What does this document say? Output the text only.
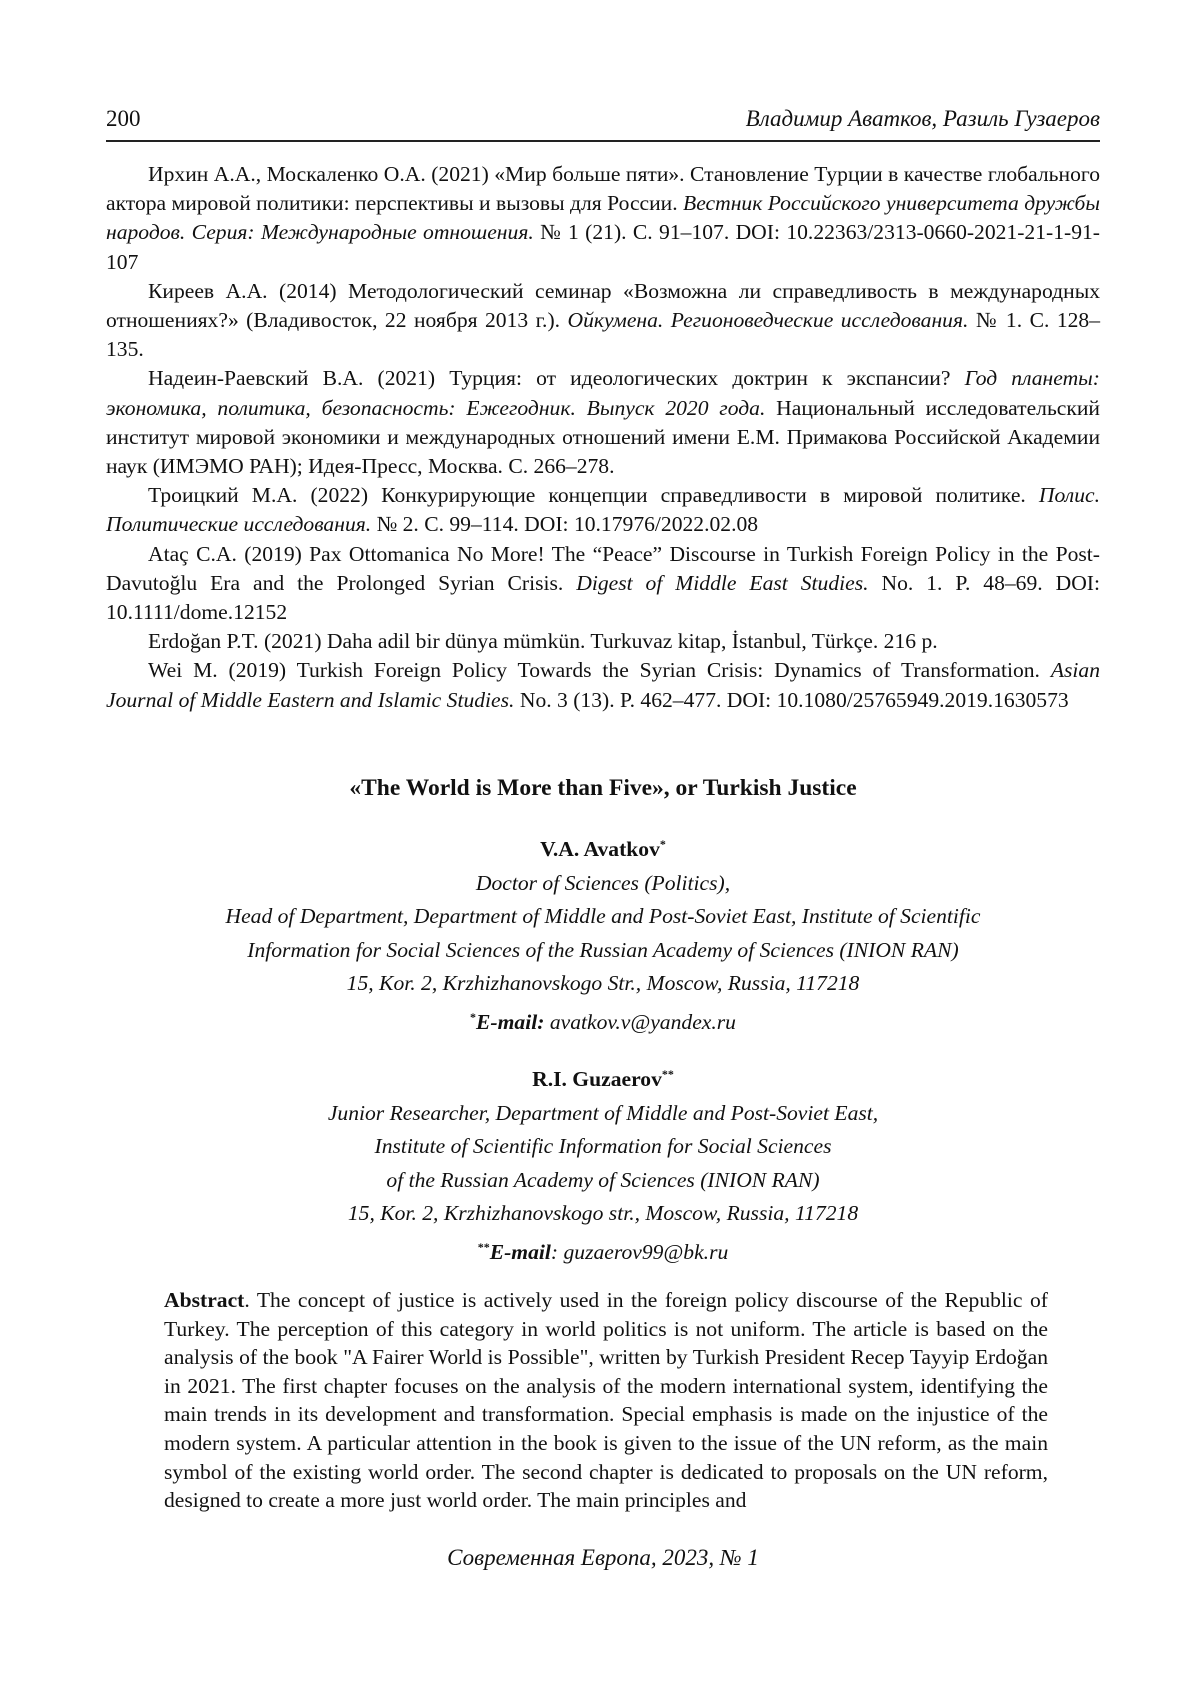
200	Владимир Аватков, Разиль Гузаеров

Ирхин А.А., Москаленко О.А. (2021) «Мир больше пяти». Становление Турции в качестве глобального актора мировой политики: перспективы и вызовы для России. Вестник Российского университета дружбы народов. Серия: Международные отношения. № 1 (21). С. 91–107. DOI: 10.22363/2313-0660-2021-21-1-91-107

Киреев А.А. (2014) Методологический семинар «Возможна ли справедливость в международных отношениях?» (Владивосток, 22 ноября 2013 г.). Ойкумена. Регионоведческие исследования. № 1. С. 128–135.

Надеин-Раевский В.А. (2021) Турция: от идеологических доктрин к экспансии? Год планеты: экономика, политика, безопасность: Ежегодник. Выпуск 2020 года. Национальный исследовательский институт мировой экономики и международных отношений имени Е.М. Примакова Российской Академии наук (ИМЭМО РАН); Идея-Пресс, Москва. С. 266–278.

Троицкий М.А. (2022) Конкурирующие концепции справедливости в мировой политике. Полис. Политические исследования. № 2. С. 99–114. DOI: 10.17976/2022.02.08

Ataç C.A. (2019) Pax Ottomanica No More! The “Peace” Discourse in Turkish Foreign Policy in the Post-Davutoğlu Era and the Prolonged Syrian Crisis. Digest of Middle East Studies. No. 1. P. 48–69. DOI: 10.1111/dome.12152

Erdoğan P.T. (2021) Daha adil bir dünya mümkün. Turkuvaz kitap, İstanbul, Türkçe. 216 p.

Wei M. (2019) Turkish Foreign Policy Towards the Syrian Crisis: Dynamics of Transformation. Asian Journal of Middle Eastern and Islamic Studies. No. 3 (13). P. 462–477. DOI: 10.1080/25765949.2019.1630573

«The World is More than Five», or Turkish Justice
V.A. Avatkov*
Doctor of Sciences (Politics),
Head of Department, Department of Middle and Post-Soviet East, Institute of Scientific
Information for Social Sciences of the Russian Academy of Sciences (INION RAN)
15, Kor. 2, Krzhizhanovskogo Str., Moscow, Russia, 117218
*E-mail: avatkov.v@yandex.ru
R.I. Guzaerov**
Junior Researcher, Department of Middle and Post-Soviet East,
Institute of Scientific Information for Social Sciences
of the Russian Academy of Sciences (INION RAN)
15, Kor. 2, Krzhizhanovskogo str., Moscow, Russia, 117218
**E-mail: guzaerov99@bk.ru

Abstract. The concept of justice is actively used in the foreign policy discourse of the Republic of Turkey. The perception of this category in world politics is not uniform. The article is based on the analysis of the book "A Fairer World is Possible", written by Turkish President Recep Tayyip Erdoğan in 2021. The first chapter focuses on the analysis of the modern international system, identifying the main trends in its development and transformation. Special emphasis is made on the injustice of the modern system. A particular attention in the book is given to the issue of the UN reform, as the main symbol of the existing world order. The second chapter is dedicated to proposals on the UN reform, designed to create a more just world order. The main principles and

Современная Европа, 2023, № 1
